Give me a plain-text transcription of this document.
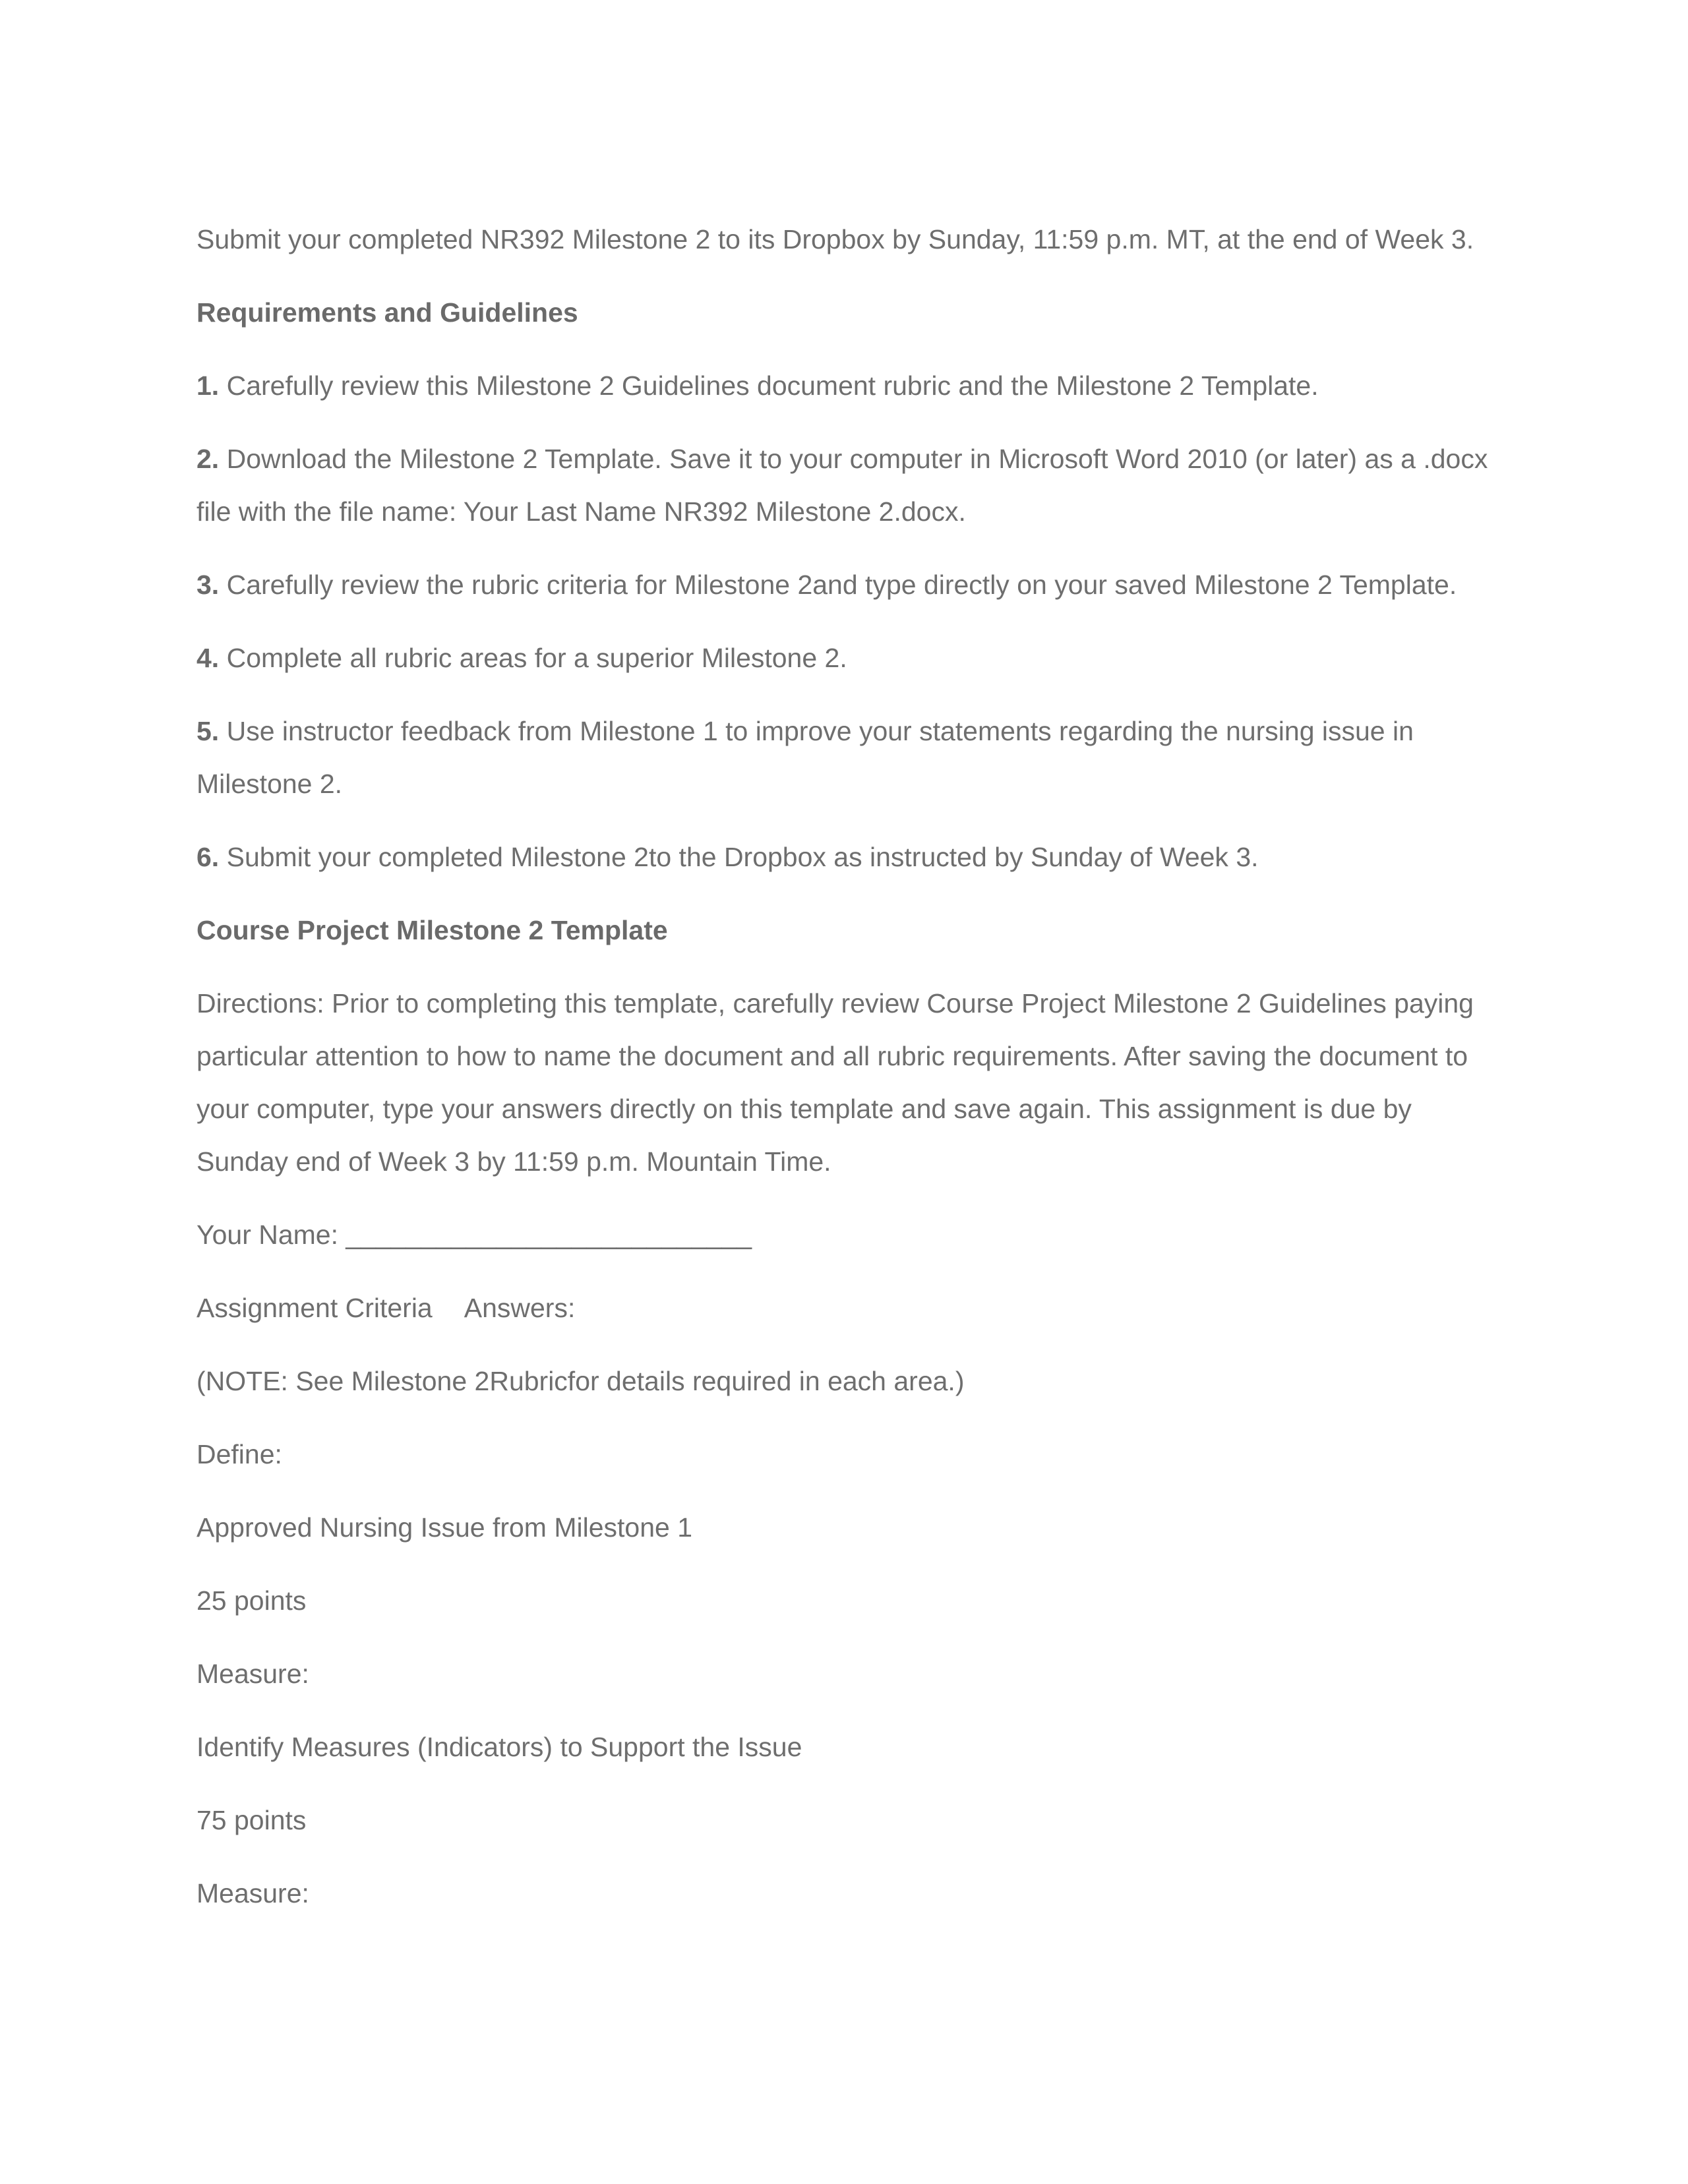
Submit your completed NR392 Milestone 2 to its Dropbox by Sunday, 11:59 p.m. MT, at the end of Week 3.

Requirements and Guidelines

1. Carefully review this Milestone 2 Guidelines document rubric and the Milestone 2 Template.

2. Download the Milestone 2 Template. Save it to your computer in Microsoft Word 2010 (or later) as a .docx file with the file name: Your Last Name NR392 Milestone 2.docx.

3. Carefully review the rubric criteria for Milestone 2and type directly on your saved Milestone 2 Template.

4. Complete all rubric areas for a superior Milestone 2.

5. Use instructor feedback from Milestone 1 to improve your statements regarding the nursing issue in Milestone 2.

6. Submit your completed Milestone 2to the Dropbox as instructed by Sunday of Week 3.

Course Project Milestone 2 Template

Directions: Prior to completing this template, carefully review Course Project Milestone 2 Guidelines paying particular attention to how to name the document and all rubric requirements. After saving the document to your computer, type your answers directly on this template and save again. This assignment is due by Sunday end of Week 3 by 11:59 p.m. Mountain Time.

Your Name: ___________________________

Assignment Criteria Answers:

(NOTE: See Milestone 2Rubricfor details required in each area.)

Define:

Approved Nursing Issue from Milestone 1

25 points

Measure:

Identify Measures (Indicators) to Support the Issue

75 points

Measure:
